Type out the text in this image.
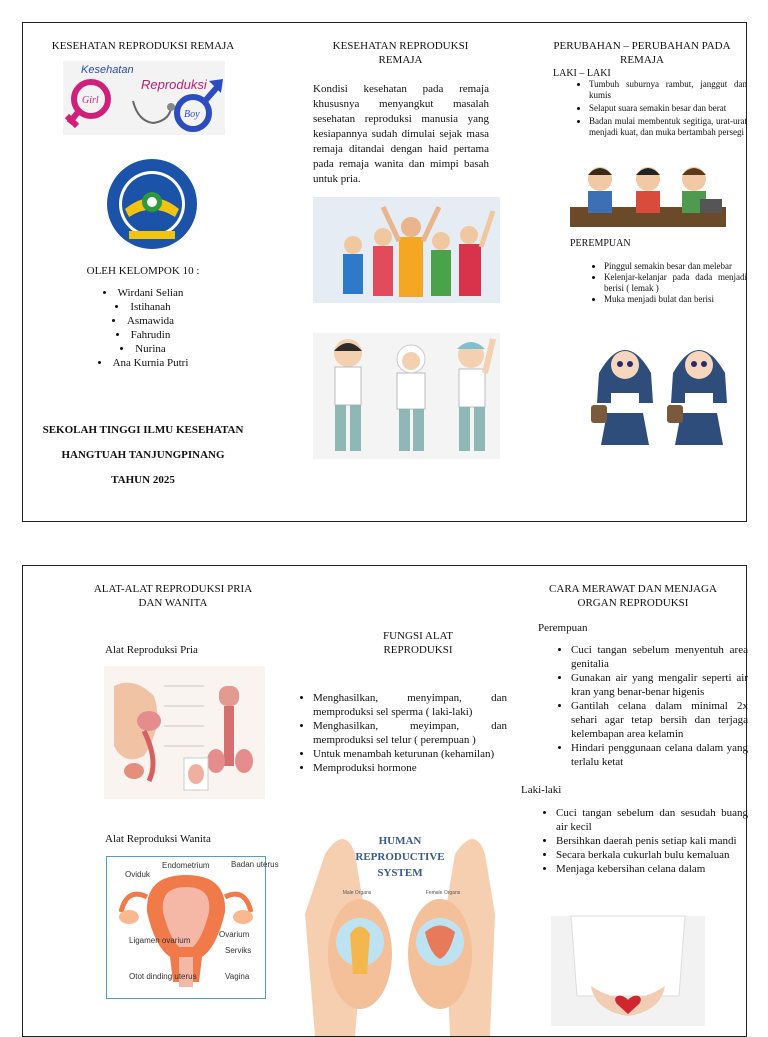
KESEHATAN REPRODUKSI REMAJA
Kesehatan
Reproduksi
Girl
Boy
OLEH KELOMPOK 10 :
• Wirdani Selian
• Istihanah
• Asmawida
• Fahrudin
• Nurina
• Ana Kurnia Putri
SEKOLAH TINGGI ILMU KESEHATAN
HANGTUAH TANJUNGPINANG
TAHUN 2025
KESEHATAN REPRODUKSI REMAJA
Kondisi kesehatan pada remaja khususnya menyangkut masalah sesehatan reproduksi manusia yang kesiapannya sudah dimulai sejak masa remaja ditandai dengan haid pertama pada remaja wanita dan mimpi basah untuk pria.
PERUBAHAN – PERUBAHAN PADA REMAJA
LAKI – LAKI
• Tumbuh suburnya rambut, janggut dan kumis
• Selaput suara semakin besar dan berat
• Badan mulai membentuk segitiga, urat-urat menjadi kuat, dan muka bertambah persegi
PEREMPUAN
• Pinggul semakin besar dan melebar
• Kelenjar-kelanjar pada dada menjadi berisi ( lemak )
• Muka menjadi bulat dan berisi
ALAT-ALAT REPRODUKSI PRIA DAN WANITA
Alat Reproduksi Pria
Alat Reproduksi Wanita
Oviduk
Endometrium	Badan uterus
Ligamen ovarium
Ovarium
Serviks
Otot dinding uterus	Vagina
FUNGSI ALAT REPRODUKSI
• Menghasilkan, menyimpan, dan memproduksi sel sperma ( laki-laki)
• Menghasilkan, meyimpan, dan memproduksi sel telur ( perempuan )
• Untuk menambah keturunan (kehamilan)
• Memproduksi hormone
HUMAN
REPRODUCTIVE
SYSTEM
Male Organs	Female Organs
CARA MERAWAT DAN MENJAGA ORGAN REPRODUKSI
Perempuan
• Cuci tangan sebelum menyentuh area genitalia
• Gunakan air yang mengalir seperti air kran yang benar-benar higenis
• Gantilah celana dalam minimal 2x sehari agar tetap bersih dan terjaga kelembapan area kelamin
• Hindari penggunaan celana dalam yang terlalu ketat
Laki-laki
• Cuci tangan sebelum dan sesudah buang air kecil
• Bersihkan daerah penis setiap kali mandi
• Secara berkala cukurlah bulu kemaluan
• Menjaga kebersihan celana dalam
